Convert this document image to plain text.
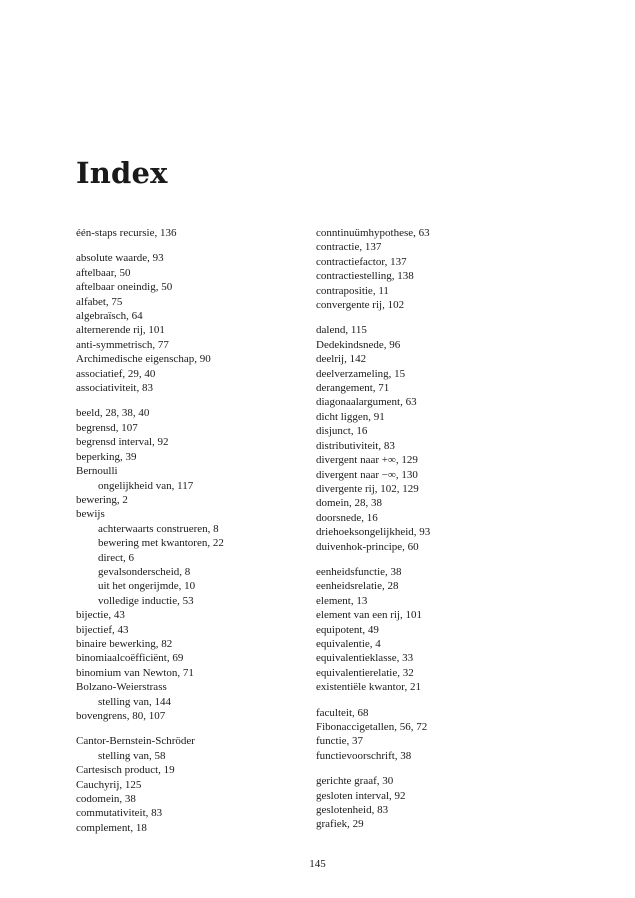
Index
één-staps recursie, 136
absolute waarde, 93
aftelbaar, 50
aftelbaar oneindig, 50
alfabet, 75
algebraïsch, 64
alternerende rij, 101
anti-symmetrisch, 77
Archimedische eigenschap, 90
associatief, 29, 40
associativiteit, 83
beeld, 28, 38, 40
begrensd, 107
begrensd interval, 92
beperking, 39
Bernoulli
ongelijkheid van, 117
bewering, 2
bewijs
achterwaarts construeren, 8
bewering met kwantoren, 22
direct, 6
gevalsonderscheid, 8
uit het ongerijmde, 10
volledige inductie, 53
bijectie, 43
bijectief, 43
binaire bewerking, 82
binomiaalcoëfficiënt, 69
binomium van Newton, 71
Bolzano-Weierstrass
stelling van, 144
bovengrens, 80, 107
Cantor-Bernstein-Schröder
stelling van, 58
Cartesisch product, 19
Cauchyrij, 125
codomein, 38
commutativiteit, 83
complement, 18
conntinuümhypothese, 63
contractie, 137
contractiefactor, 137
contractiestelling, 138
contrapositie, 11
convergente rij, 102
dalend, 115
Dedekindsnede, 96
deelrij, 142
deelverzameling, 15
derangement, 71
diagonaalargument, 63
dicht liggen, 91
disjunct, 16
distributiviteit, 83
divergent naar +∞, 129
divergent naar −∞, 130
divergente rij, 102, 129
domein, 28, 38
doorsnede, 16
driehoeksongelijkheid, 93
duivenhok-principe, 60
eenheidsfunctie, 38
eenheidsrelatie, 28
element, 13
element van een rij, 101
equipotent, 49
equivalentie, 4
equivalentieklasse, 33
equivalentierelatie, 32
existentiële kwantor, 21
faculteit, 68
Fibonaccigetallen, 56, 72
functie, 37
functievoorschrift, 38
gerichte graaf, 30
gesloten interval, 92
geslotenheid, 83
grafiek, 29
145
